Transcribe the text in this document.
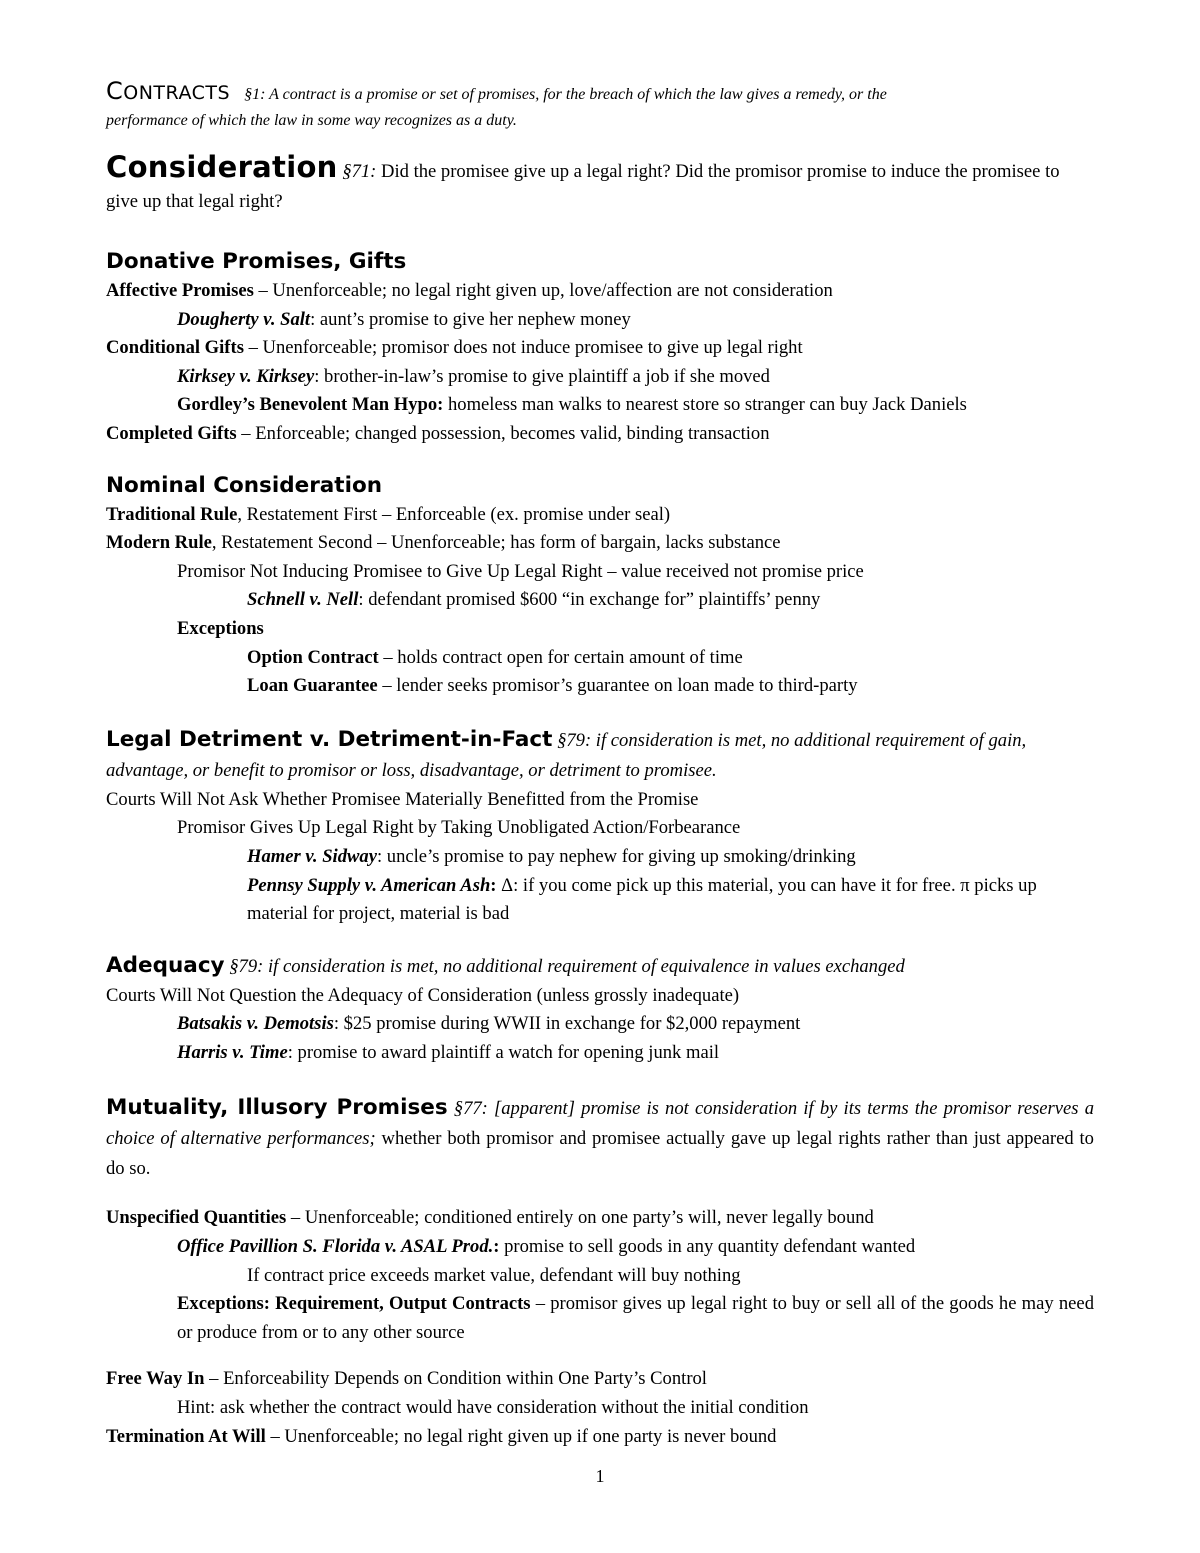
CONTRACTS §1: A contract is a promise or set of promises, for the breach of which the law gives a remedy, or the

performance of which the law in some way recognizes as a duty.

Consideration §71: Did the promisee give up a legal right? Did the promisor promise to induce the promisee to give up that legal right?

Donative Promises, Gifts

Affective Promises – Unenforceable; no legal right given up, love/affection are not consideration

Dougherty v. Salt: aunt’s promise to give her nephew money

Conditional Gifts – Unenforceable; promisor does not induce promisee to give up legal right

Kirksey v. Kirksey: brother-in-law’s promise to give plaintiff a job if she moved

Gordley’s Benevolent Man Hypo: homeless man walks to nearest store so stranger can buy Jack Daniels

Completed Gifts – Enforceable; changed possession, becomes valid, binding transaction

Nominal Consideration

Traditional Rule, Restatement First – Enforceable (ex. promise under seal)

Modern Rule, Restatement Second – Unenforceable; has form of bargain, lacks substance

Promisor Not Inducing Promisee to Give Up Legal Right – value received not promise price

Schnell v. Nell: defendant promised $600 “in exchange for” plaintiffs’ penny

Exceptions

Option Contract – holds contract open for certain amount of time

Loan Guarantee – lender seeks promisor’s guarantee on loan made to third-party

Legal Detriment v. Detriment-in-Fact §79: if consideration is met, no additional requirement of gain, advantage, or benefit to promisor or loss, disadvantage, or detriment to promisee.

Courts Will Not Ask Whether Promisee Materially Benefitted from the Promise

Promisor Gives Up Legal Right by Taking Unobligated Action/Forbearance

Hamer v. Sidway: uncle’s promise to pay nephew for giving up smoking/drinking

Pennsy Supply v. American Ash: Δ: if you come pick up this material, you can have it for free. π picks up material for project, material is bad

Adequacy §79: if consideration is met, no additional requirement of equivalence in values exchanged

Courts Will Not Question the Adequacy of Consideration (unless grossly inadequate)

Batsakis v. Demotsis: $25 promise during WWII in exchange for $2,000 repayment

Harris v. Time: promise to award plaintiff a watch for opening junk mail

Mutuality, Illusory Promises §77: [apparent] promise is not consideration if by its terms the promisor reserves a choice of alternative performances; whether both promisor and promisee actually gave up legal rights rather than just appeared to do so.

Unspecified Quantities – Unenforceable; conditioned entirely on one party’s will, never legally bound

Office Pavillion S. Florida v. ASAL Prod.: promise to sell goods in any quantity defendant wanted

If contract price exceeds market value, defendant will buy nothing

Exceptions: Requirement, Output Contracts – promisor gives up legal right to buy or sell all of the goods he may need or produce from or to any other source

Free Way In – Enforceability Depends on Condition within One Party’s Control

Hint: ask whether the contract would have consideration without the initial condition

Termination At Will – Unenforceable; no legal right given up if one party is never bound

1
